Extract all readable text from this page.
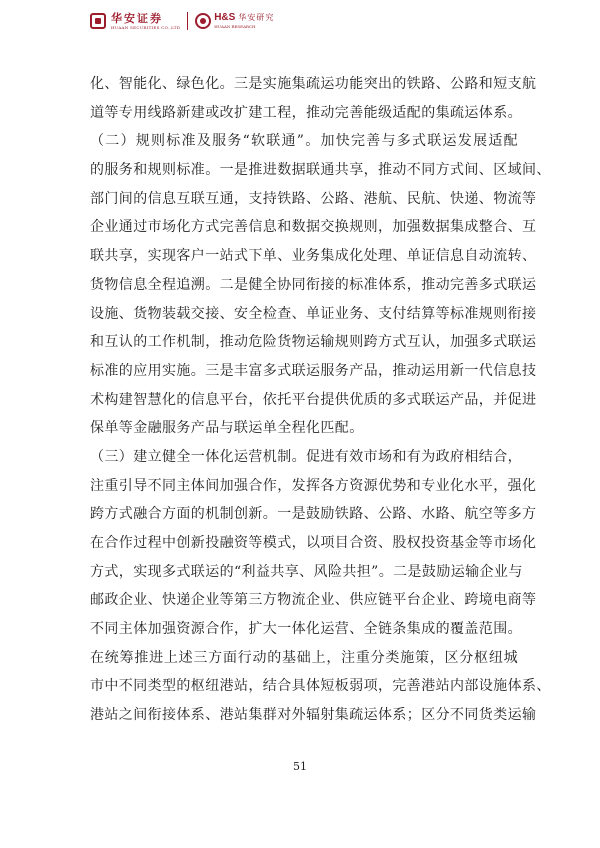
华安证券
HUAAN SECURITIES CO.,LTD
H&S 华安研究
HUAAN RESEARCH
化、智能化、绿色化。三是实施集疏运功能突出的铁路、公路和短支航
道等专用线路新建或改扩建工程，推动完善能级适配的集疏运体系。
（二）规则标准及服务“软联通”。加快完善与多式联运发展适配
的服务和规则标准。一是推进数据联通共享，推动不同方式间、区域间、
部门间的信息互联互通，支持铁路、公路、港航、民航、快递、物流等
企业通过市场化方式完善信息和数据交换规则，加强数据集成整合、互
联共享，实现客户一站式下单、业务集成化处理、单证信息自动流转、
货物信息全程追溯。二是健全协同衔接的标准体系，推动完善多式联运
设施、货物装载交接、安全检查、单证业务、支付结算等标准规则衔接
和互认的工作机制，推动危险货物运输规则跨方式互认，加强多式联运
标准的应用实施。三是丰富多式联运服务产品，推动运用新一代信息技
术构建智慧化的信息平台，依托平台提供优质的多式联运产品，并促进
保单等金融服务产品与联运单全程化匹配。
（三）建立健全一体化运营机制。促进有效市场和有为政府相结合，
注重引导不同主体间加强合作，发挥各方资源优势和专业化水平，强化
跨方式融合方面的机制创新。一是鼓励铁路、公路、水路、航空等多方
在合作过程中创新投融资等模式，以项目合资、股权投资基金等市场化
方式，实现多式联运的“利益共享、风险共担”。二是鼓励运输企业与
邮政企业、快递企业等第三方物流企业、供应链平台企业、跨境电商等
不同主体加强资源合作，扩大一体化运营、全链条集成的覆盖范围。
在统筹推进上述三方面行动的基础上，注重分类施策，区分枢纽城
市中不同类型的枢纽港站，结合具体短板弱项，完善港站内部设施体系、
港站之间衔接体系、港站集群对外辐射集疏运体系；区分不同货类运输
51
